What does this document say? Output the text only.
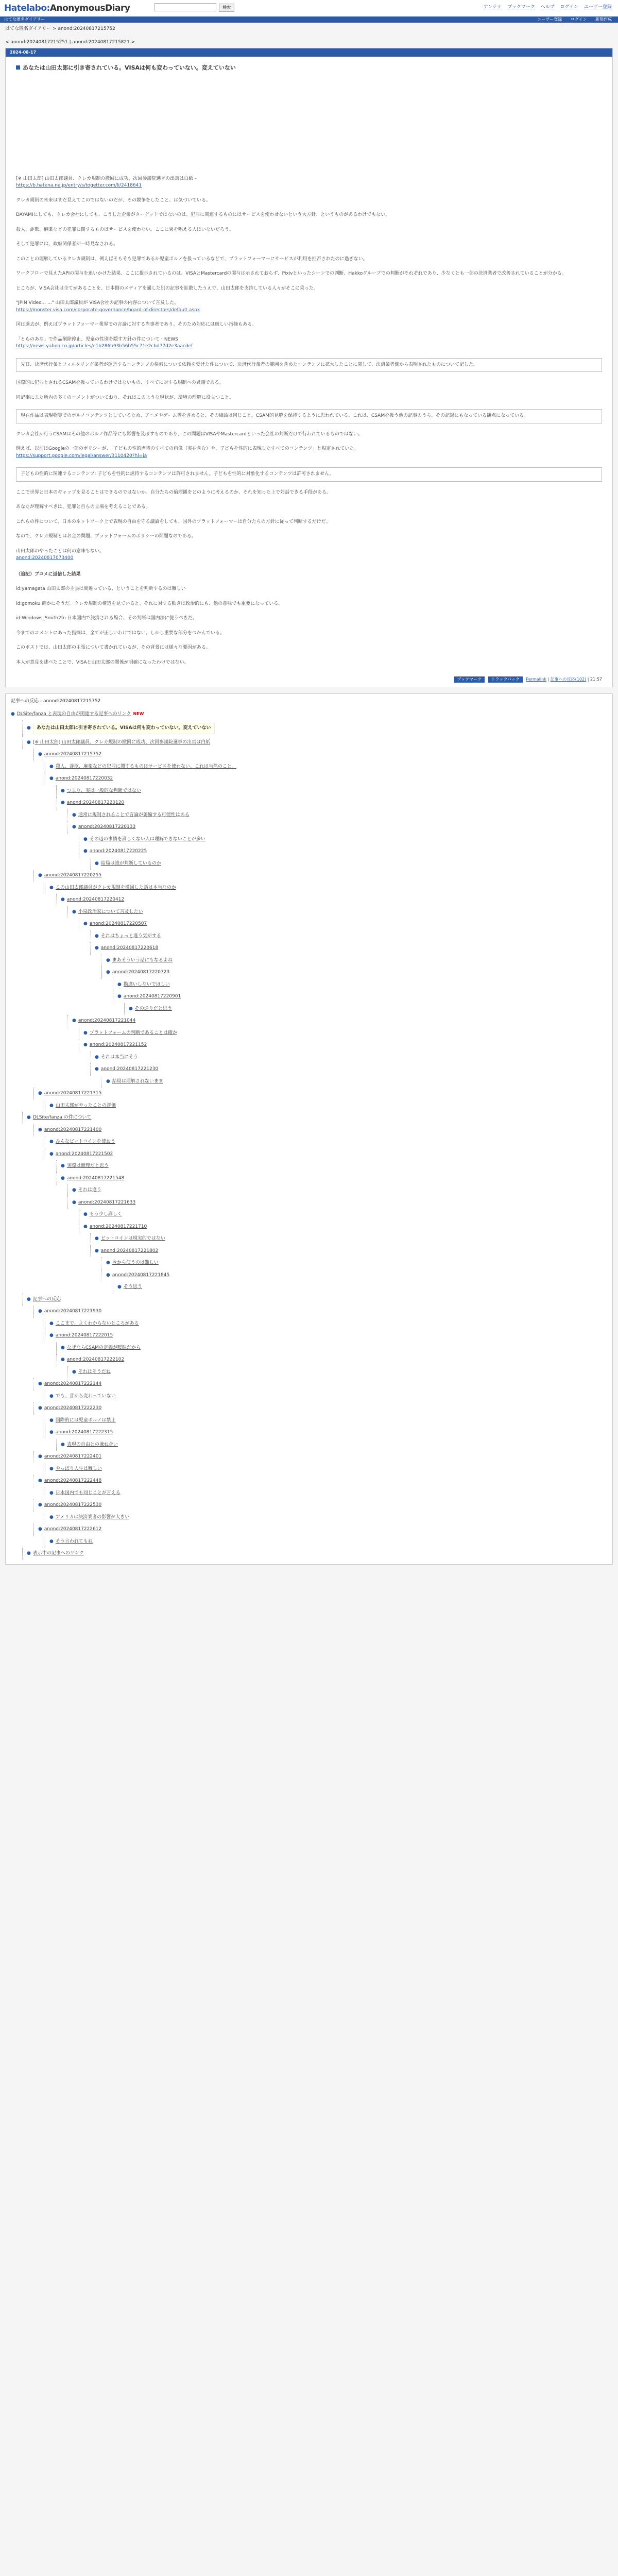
Hatelabo:AnonymousDiary	検索	アンテナ ブックマーク ヘルプ ログイン ユーザー登録
はてな匿名ダイアリー	ユーザー登録 ログイン 新規作成
はてな匿名ダイアリー > anond:20240817215752
< anond:20240817215251 | anond:20240817215821 >
2024-08-17
あなたは山田太郎に引き寄されている。VISAは何も変わっていない。変えていない

[※ 山田太郎] 山田太郎議員、クレカ規制の撤回に成功、次回参議院選挙の出馬は白紙 -
https://b.hatena.ne.jp/entry/s/togetter.com/li/2418641

クレカ規制の未来はまだ見えてこのではないのだが、その競争をしたこと、は気づいている。

DAYAMIにしても、クレカ会社にしても、こうした企業がターゲットではないのは、犯罪に関連するものにはサービスを使わせないという大方針、というものがあるわけでもない。

殺人、詐欺、麻薬などの犯罪に関するものはサービスを使わない。ここに異を唱える人はいないだろう。

そして犯罪には、政府関係者が一時見なされる。

このことの理解しているクレカ規制は、例えばそもそも犯罪であるか児童ポルノを扱っているなどで、プラットフォーマーにサービスが利用を拒否されたのに過ぎない。

ワークフローで見えたAPIの関与を追いかけた結果、ここに提示されているのは、VISAとMastercardの関与は示されておらず、Pixivといったシーンでの判断、Hakkoグループでの判断がそれぞれであり、少なくとも一部の決済業者で改善されていることが分かる。

ところが、VISA会社は全てがあることを、日本側のメディアを通した別の記事を拡散したうえで、山田太郎を支持している人々がそこに乗った。

"JPIN Video... ..." 山田太郎議員が VISA会社の記事の内容について言及した。
https://monster.visa.com/corporate-governance/board-of-directors/default.aspx

国は過去が、例えばプラットフォーマー業界での言論に対する当事者であり、そのため対応には厳しい指摘もある。

「とらのあな」で作品削除停止、児童の性別を隠す方針の件について・NEWS
https://news.yahoo.co.jp/articles/e1b286b93b56b55c71e2cbd77d2e3aacdef

先日、決済代行業とフィルタリング業者が運営するコンテンツの検索について依頼を受けた件について、決済代行業者の範囲を含めたコンテンツに拡大したことに関して、決済業者側から表明されたものについて記した。

国際的に犯罪とされるCSAMを扱っているわけではないもの、すべてに対する規制への異議である。

同記事にまた所内の多くのコメントがついており、それはこのような現状が、環境の理解に役立つこと。

現在作品は表現物等でのポルノコンテンツとしているため、アニメやゲーム等を含めると、その結論は同じこと。CSAM的見解を保持するように思われている。これは、CSAMを扱う他の記事のうち、その記録にもなっている観点になっている。

クレカ会社が行うCSAMはその他のポルノ作品等にも影響を及ぼすものであり、この問題はVISAやMastercardといった会社の判断だけで行われているものではない。

例えば、以前はGoogleの一部のポリシーが、「子どもの性的虐待のすべての画像（実在含む）や、子どもを性的に表現したすべてのコンテンツ」と規定されていた。
https://support.google.com/legal/answer/3110420?hl=ja

子どもの性的に関連するコンテンツ: 子どもを性的に虐待するコンテンツは許可されません。子どもを性的に対象化するコンテンツは許可されません。

ここで世界と日本のギャップを見ることはできるのではないか。自分たちの倫理観をどのように考えるのか、それを知った上で対話できる手段がある。

あなたが理解すべきは、犯罪と自らの立場を考えることである。

これらの件について、日本のネットワーク上で表現の自由を守る議論をしても、国外のプラットフォーマーは自分たちの方針に従って判断するだけだ。

なので、クレカ規制とはお金の問題、プラットフォームのポリシーの問題なのである。

山田太郎のやったことは何の意味もない。
anond:20240817073400

（追記）ブコメに返信した結果

id:yamagata 山田太郎の主張は間違っている、ということを判断するのは難しい

id:gomoku 確かにそうだ。クレカ規制の構造を見ていると、それに対する動きは政治的にも、他の意味でも重要になっている。

id:Windows_Smith2fn 日本国内で決済される場合、その判断は国内法に従うべきだ。

今までのコメントにあった指摘は、全てが正しいわけではない。しかし重要な部分をつかんでいる。

このポストでは、山田太郎の主張について書かれているが、その背景には様々な要因がある。

本人が意見を述べたことで、VISAと山田太郎の関係が明確になったわけではない。

ブックマーク トラックバック Permalink | 記事への反応(102) | 21:57
記事への反応 - anond:20240817215752
● DLSite/fanza と表現の自由が関連する記事へのリンク NEW
●	あなたは山田太郎に引き寄されている。VISAは何も変わっていない。変えていない
● [※ 山田太郎] 山田太郎議員、クレカ規制の撤回に成功、次回参議院選挙の出馬は白紙
● anond:20240817215752
● 殺人、詐欺、麻薬などの犯罪に関するものはサービスを使わない。これは当然のこと。
● anond:20240817220032
● つまり、実は一般的な判断ではない
● anond:20240817220120
● 通常に規制されることで言論が萎縮する可能性はある
● anond:20240817220133
● その辺の事情を詳しくない人は理解できないことが多い
● anond:20240817220225
● 結局は誰が判断しているのか
● anond:20240817220255
● この山田太郎議員がクレカ規制を撤回した話は本当なのか
● anond:20240817220412
● 小泉政治家について言及したい
● anond:20240817220507
● それはちょっと違う気がする
● anond:20240817220618
● まあそういう話にもなるよね
● anond:20240817220723
● 勘違いしないでほしい
● anond:20240817220901
● その通りだと思う
● anond:20240817221044
● プラットフォームの判断であることは確か
● anond:20240817221152
● それは本当にそう
● anond:20240817221230
● 結局は理解されないまま
● anond:20240817221315
● 山田太郎がやったことの評価
● DLSite/fanza の件について
● anond:20240817221400
● みんなビットコインを使おう
● anond:20240817221502
● 実際は無理だと思う
● anond:20240817221548
● それは違う
● anond:20240817221633
● もう少し詳しく
● anond:20240817221710
● ビットコインは現実的ではない
● anond:20240817221802
● 今から使うのは難しい
● anond:20240817221845
● そう思う
● 記事への反応
● anond:20240817221930
● ここまで、よくわからないところがある
● anond:20240817222015
● なぜならCSAMの定義が曖昧だから
● anond:20240817222102
● それはそうだね
● anond:20240817222144
● でも、昔から変わっていない
● anond:20240817222230
● 国際的には児童ポルノは禁止
● anond:20240817222315
● 表現の自由との兼ね合い
● anond:20240817222401
● やっぱり人生は難しい
● anond:20240817222448
● 日本国内でも同じことが言える
● anond:20240817222530
● アメリカは決済業者の影響が大きい
● anond:20240817222612
● そう言われてもね
● 表示中の記事へのリンク
